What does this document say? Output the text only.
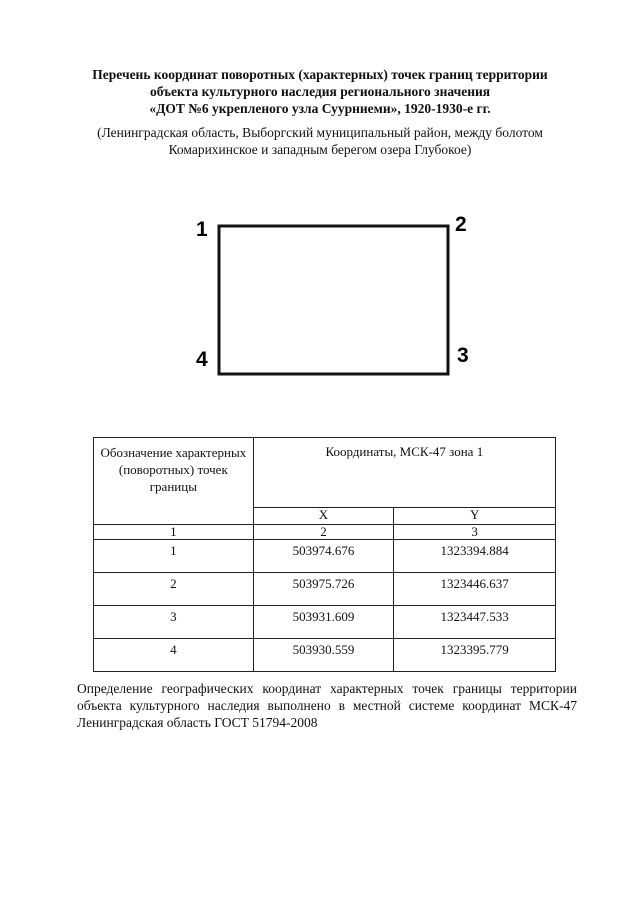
Перечень координат поворотных (характерных) точек границ территории
объекта культурного наследия регионального значения
«ДОТ №6 укрепленого узла Суурниеми», 1920-1930-е гг.
(Ленинградская область, Выборгский муниципальный район, между болотом
Комарихинское и западным берегом озера Глубокое)
1	2
3
4
Обозначение характерных (поворотных) точек границы	Координаты, МСК-47 зона 1	
	X	Y
1	2	3
1	503974.676	1323394.884
2	503975.726	1323446.637
3	503931.609	1323447.533
4	503930.559	1323395.779
Определение географических координат характерных точек границы территории объекта культурного наследия выполнено в местной системе координат МСК-47 Ленинградская область ГОСТ 51794-2008
